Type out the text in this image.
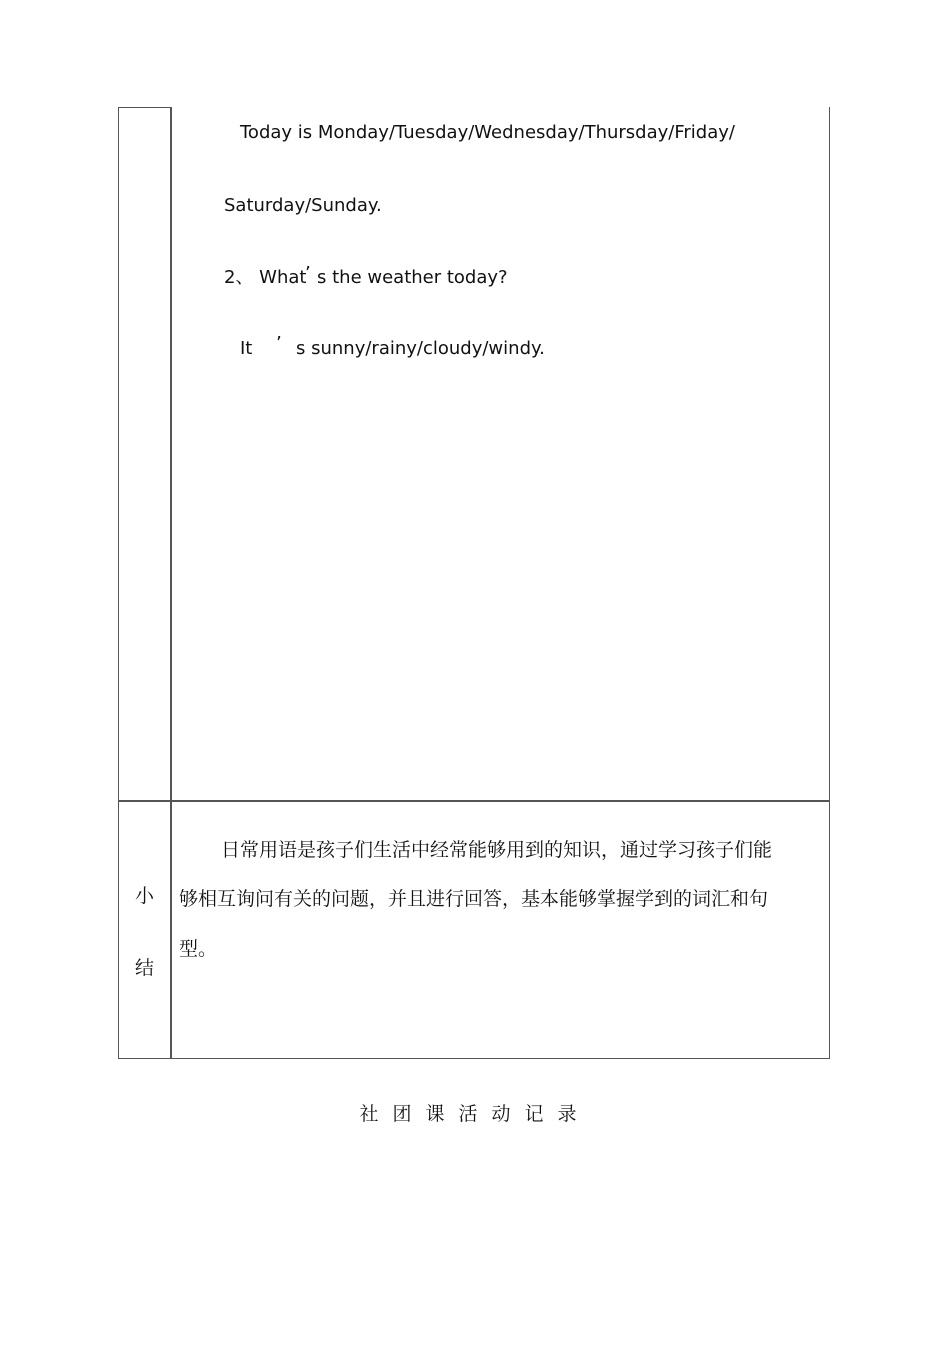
Today is Monday/Tuesday/Wednesday/Thursday/Friday/
Saturday/Sunday.
2、 What
’ s the weather today?
It ’ s sunny/rainy/cloudy/windy.
小
结
日常用语是孩子们生活中经常能够用到的知识，通过学习孩子们能
够相互询问有关的问题，并且进行回答，基本能够掌握学到的词汇和句
型。
社团课活动记录
